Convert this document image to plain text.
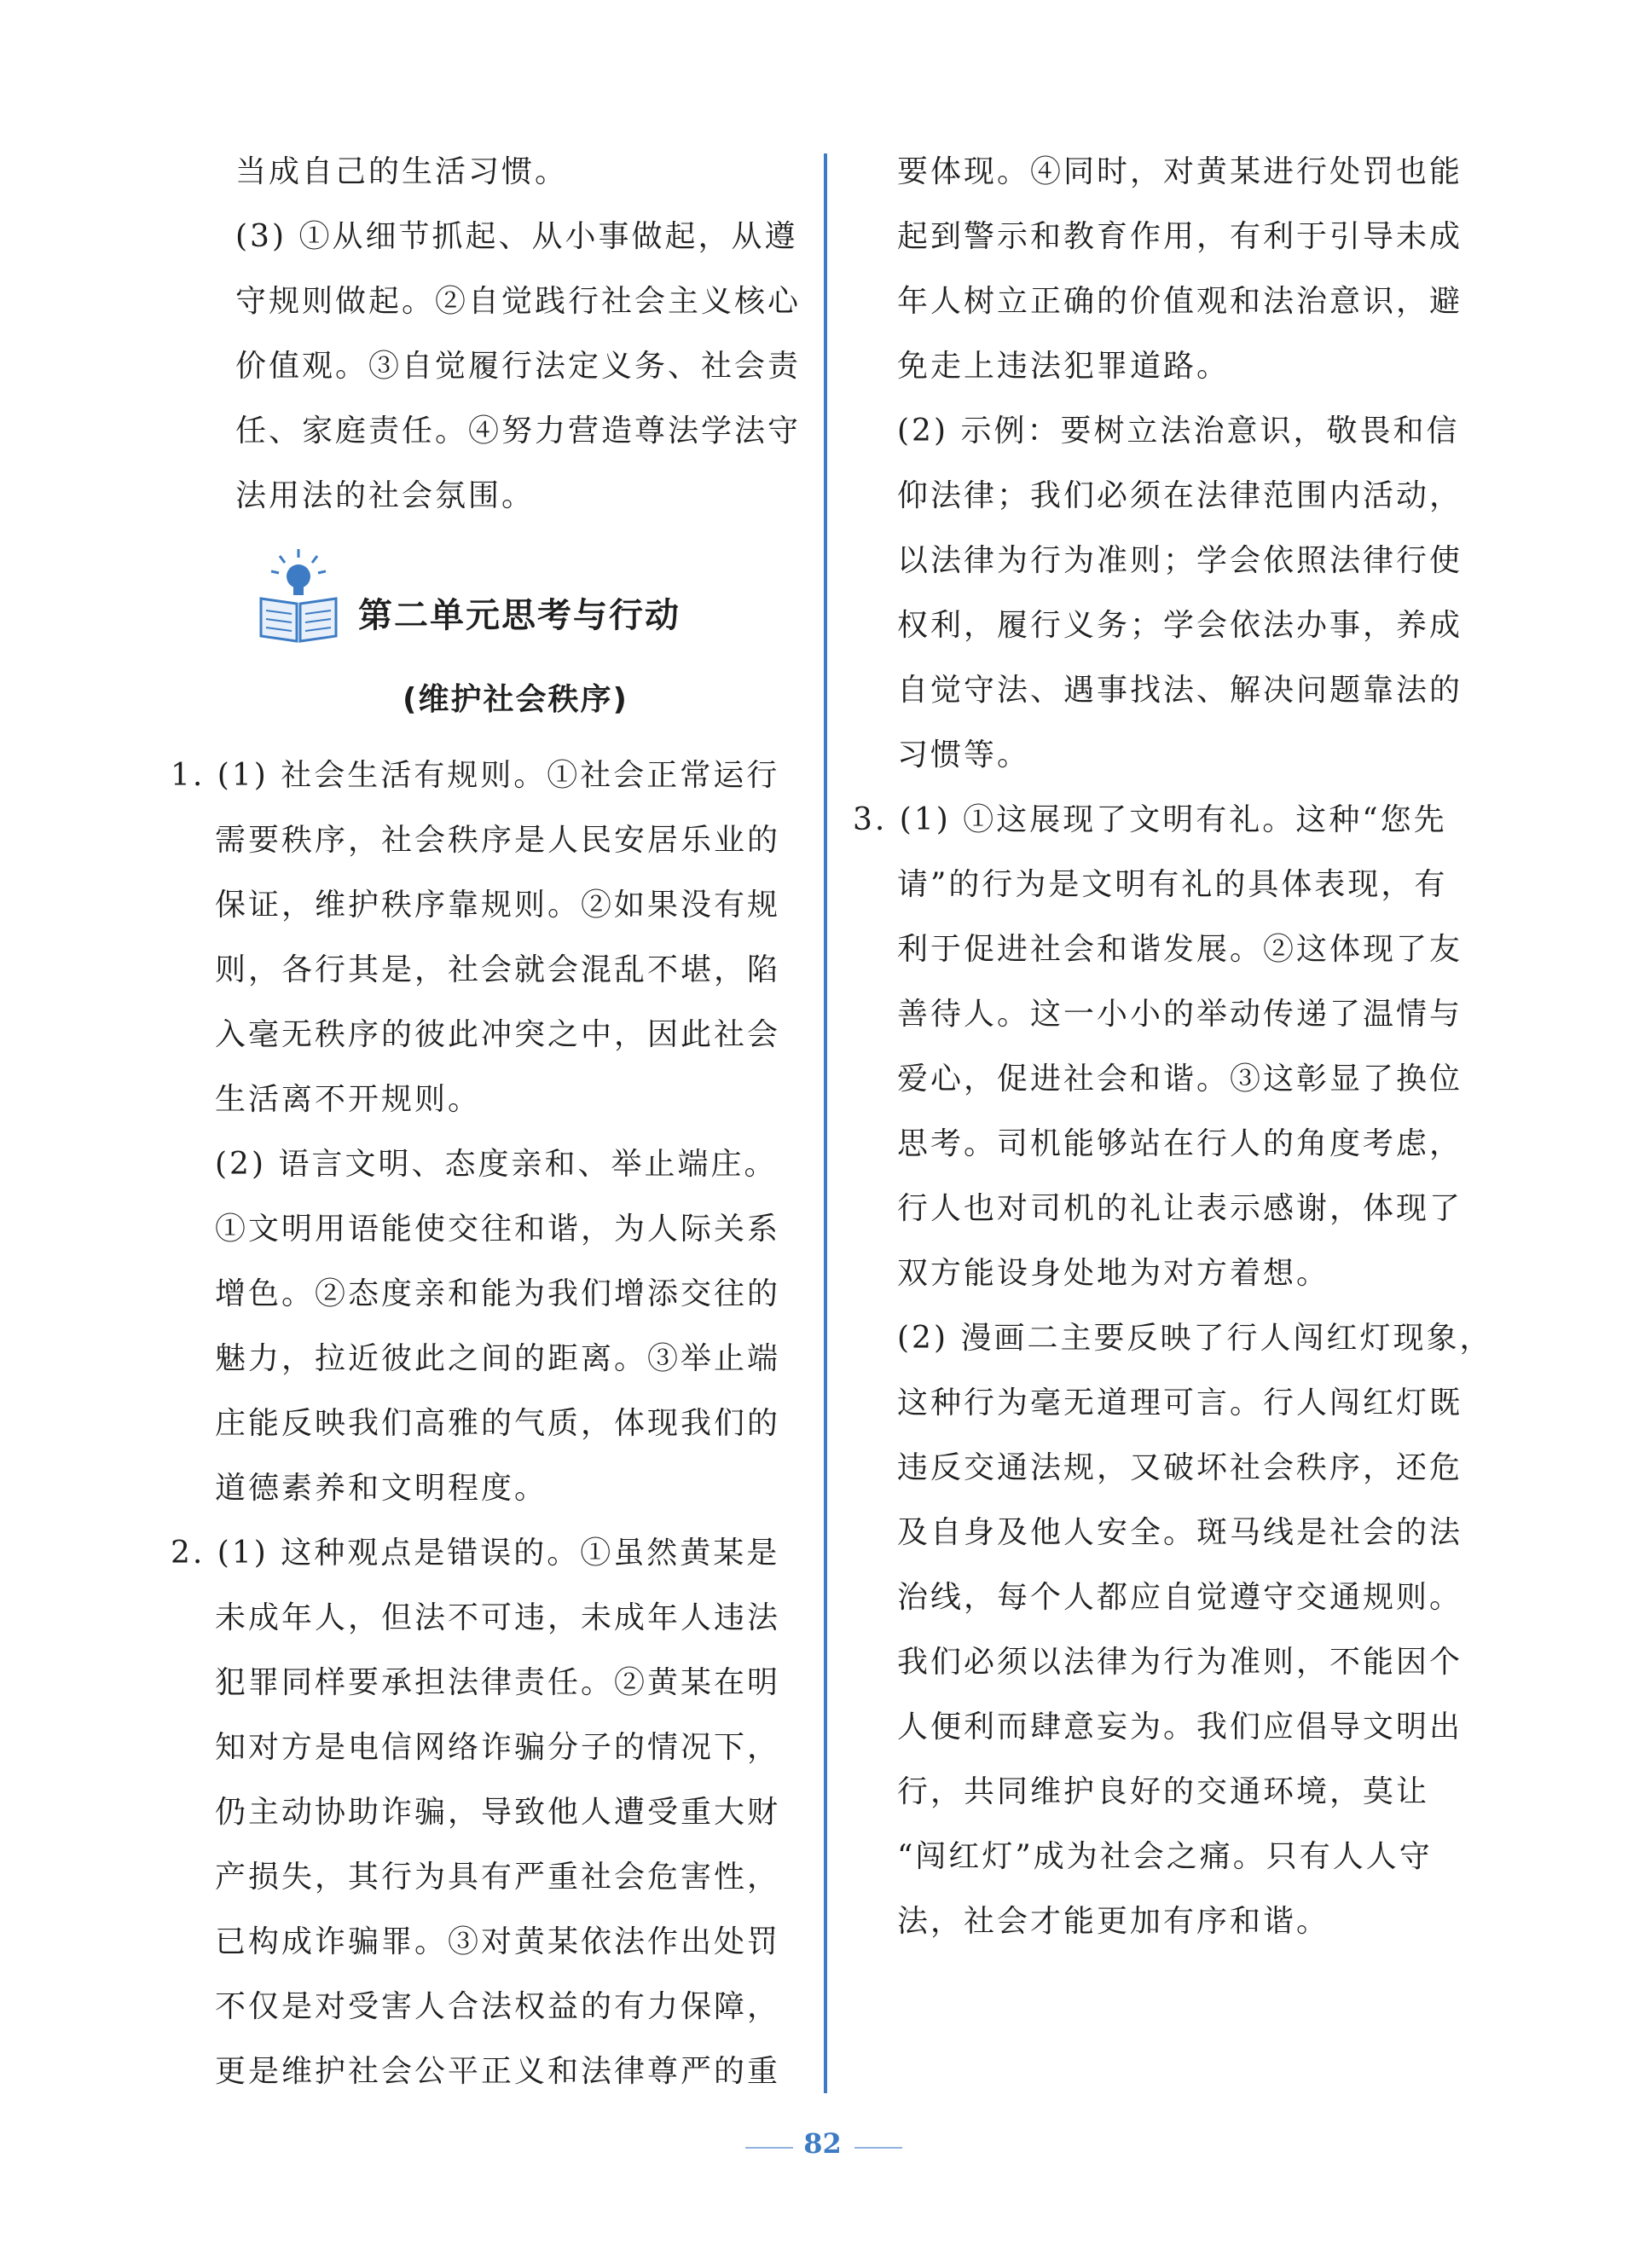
当成自己的生活习惯。
(3) ①从细节抓起、从小事做起，从遵
守规则做起。②自觉践行社会主义核心
价值观。③自觉履行法定义务、社会责
任、家庭责任。④努力营造尊法学法守
法用法的社会氛围。
第二单元思考与行动
(维护社会秩序)
1. (1) 社会生活有规则。①社会正常运行
需要秩序，社会秩序是人民安居乐业的
保证，维护秩序靠规则。②如果没有规
则，各行其是，社会就会混乱不堪，陷
入毫无秩序的彼此冲突之中，因此社会
生活离不开规则。
(2) 语言文明、态度亲和、举止端庄。
①文明用语能使交往和谐，为人际关系
增色。②态度亲和能为我们增添交往的
魅力，拉近彼此之间的距离。③举止端
庄能反映我们高雅的气质，体现我们的
道德素养和文明程度。
2. (1) 这种观点是错误的。①虽然黄某是
未成年人，但法不可违，未成年人违法
犯罪同样要承担法律责任。②黄某在明
知对方是电信网络诈骗分子的情况下，
仍主动协助诈骗，导致他人遭受重大财
产损失，其行为具有严重社会危害性，
已构成诈骗罪。③对黄某依法作出处罚
不仅是对受害人合法权益的有力保障，
更是维护社会公平正义和法律尊严的重
要体现。④同时，对黄某进行处罚也能
起到警示和教育作用，有利于引导未成
年人树立正确的价值观和法治意识，避
免走上违法犯罪道路。
(2) 示例：要树立法治意识，敬畏和信
仰法律；我们必须在法律范围内活动，
以法律为行为准则；学会依照法律行使
权利，履行义务；学会依法办事，养成
自觉守法、遇事找法、解决问题靠法的
习惯等。
3. (1) ①这展现了文明有礼。这种“您先
请”的行为是文明有礼的具体表现，有
利于促进社会和谐发展。②这体现了友
善待人。这一小小的举动传递了温情与
爱心，促进社会和谐。③这彰显了换位
思考。司机能够站在行人的角度考虑，
行人也对司机的礼让表示感谢，体现了
双方能设身处地为对方着想。
(2) 漫画二主要反映了行人闯红灯现象，
这种行为毫无道理可言。行人闯红灯既
违反交通法规，又破坏社会秩序，还危
及自身及他人安全。斑马线是社会的法
治线，每个人都应自觉遵守交通规则。
我们必须以法律为行为准则，不能因个
人便利而肆意妄为。我们应倡导文明出
行，共同维护良好的交通环境，莫让
“闯红灯”成为社会之痛。只有人人守
法，社会才能更加有序和谐。
82
